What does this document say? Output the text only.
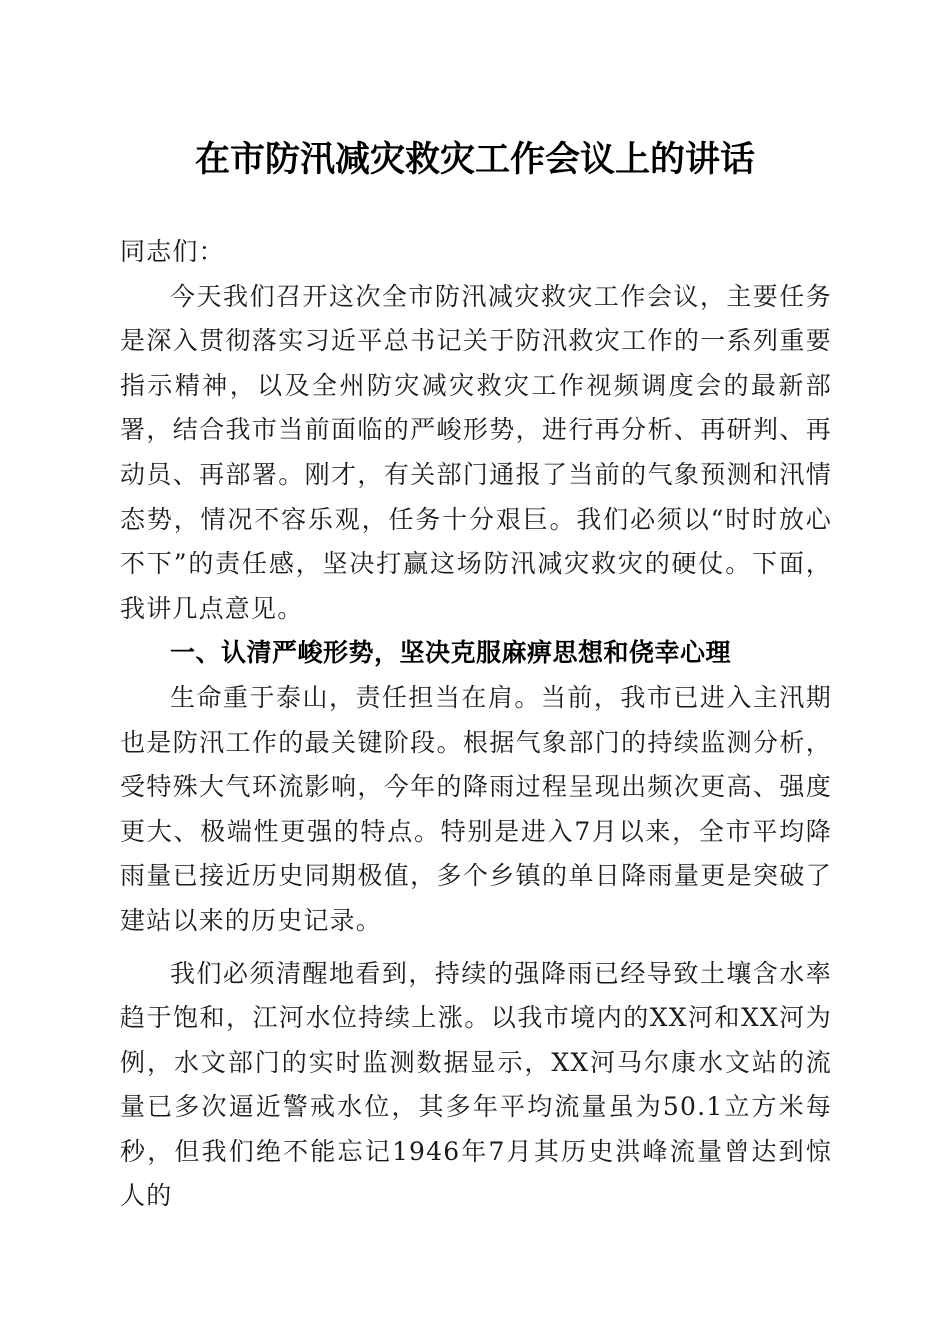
在市防汛减灾救灾工作会议上的讲话

同志们：

今天我们召开这次全市防汛减灾救灾工作会议，主要任务是深入贯彻落实习近平总书记关于防汛救灾工作的一系列重要指示精神，以及全州防灾减灾救灾工作视频调度会的最新部署，结合我市当前面临的严峻形势，进行再分析、再研判、再动员、再部署。刚才，有关部门通报了当前的气象预测和汛情态势，情况不容乐观，任务十分艰巨。我们必须以“时时放心不下”的责任感，坚决打赢这场防汛减灾救灾的硬仗。下面，我讲几点意见。

一、认清严峻形势，坚决克服麻痹思想和侥幸心理

生命重于泰山，责任担当在肩。当前，我市已进入主汛期也是防汛工作的最关键阶段。根据气象部门的持续监测分析，受特殊大气环流影响，今年的降雨过程呈现出频次更高、强度更大、极端性更强的特点。特别是进入7月以来，全市平均降雨量已接近历史同期极值，多个乡镇的单日降雨量更是突破了建站以来的历史记录。

我们必须清醒地看到，持续的强降雨已经导致土壤含水率趋于饱和，江河水位持续上涨。以我市境内的XX河和XX河为例，水文部门的实时监测数据显示，XX河马尔康水文站的流量已多次逼近警戒水位，其多年平均流量虽为50.1立方米每秒，但我们绝不能忘记1946年7月其历史洪峰流量曾达到惊人的
